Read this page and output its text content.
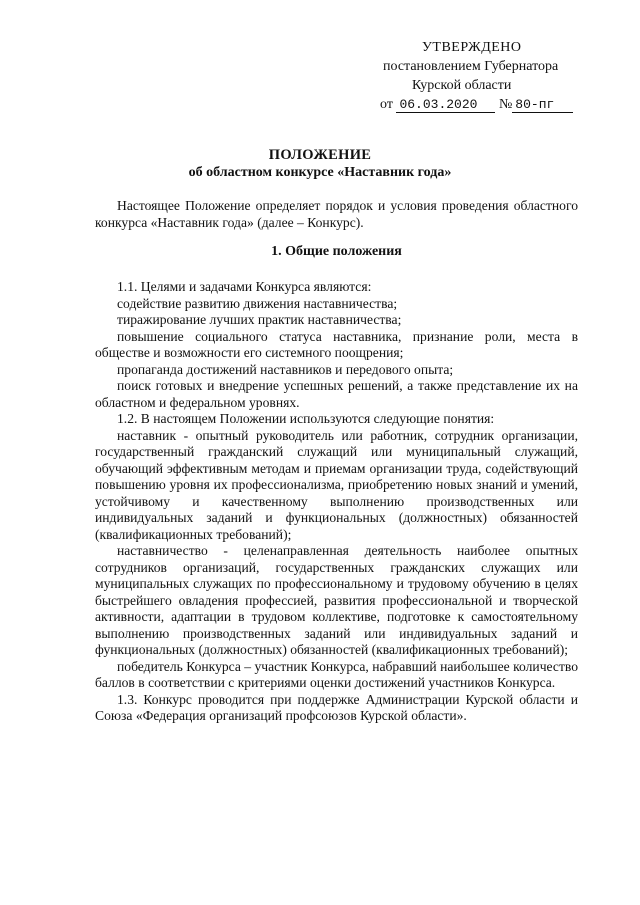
УТВЕРЖДЕНО
постановлением Губернатора
Курской области
от 06.03.2020 № 80-пг
ПОЛОЖЕНИЕ
об областном конкурсе «Наставник года»

Настоящее Положение определяет порядок и условия проведения областного конкурса «Наставник года» (далее – Конкурс).

1. Общие положения

1.1. Целями и задачами Конкурса являются:

содействие развитию движения наставничества;

тиражирование лучших практик наставничества;

повышение социального статуса наставника, признание роли, места в обществе и возможности его системного поощрения;

пропаганда достижений наставников и передового опыта;

поиск готовых и внедрение успешных решений, а также представление их на областном и федеральном уровнях.

1.2. В настоящем Положении используются следующие понятия:

наставник - опытный руководитель или работник, сотрудник организации, государственный гражданский служащий или муниципальный служащий, обучающий эффективным методам и приемам организации труда, содействующий повышению уровня их профессионализма, приобретению новых знаний и умений, устойчивому и качественному выполнению производственных или индивидуальных заданий и функциональных (должностных) обязанностей (квалификационных требований);

наставничество - целенаправленная деятельность наиболее опытных сотрудников организаций, государственных гражданских служащих или муниципальных служащих по профессиональному и трудовому обучению в целях быстрейшего овладения профессией, развития профессиональной и творческой активности, адаптации в трудовом коллективе, подготовке к самостоятельному выполнению производственных заданий или индивидуальных заданий и функциональных (должностных) обязанностей (квалификационных требований);

победитель Конкурса – участник Конкурса, набравший наибольшее количество баллов в соответствии с критериями оценки достижений участников Конкурса.

1.3. Конкурс проводится при поддержке Администрации Курской области и Союза «Федерация организаций профсоюзов Курской области».
